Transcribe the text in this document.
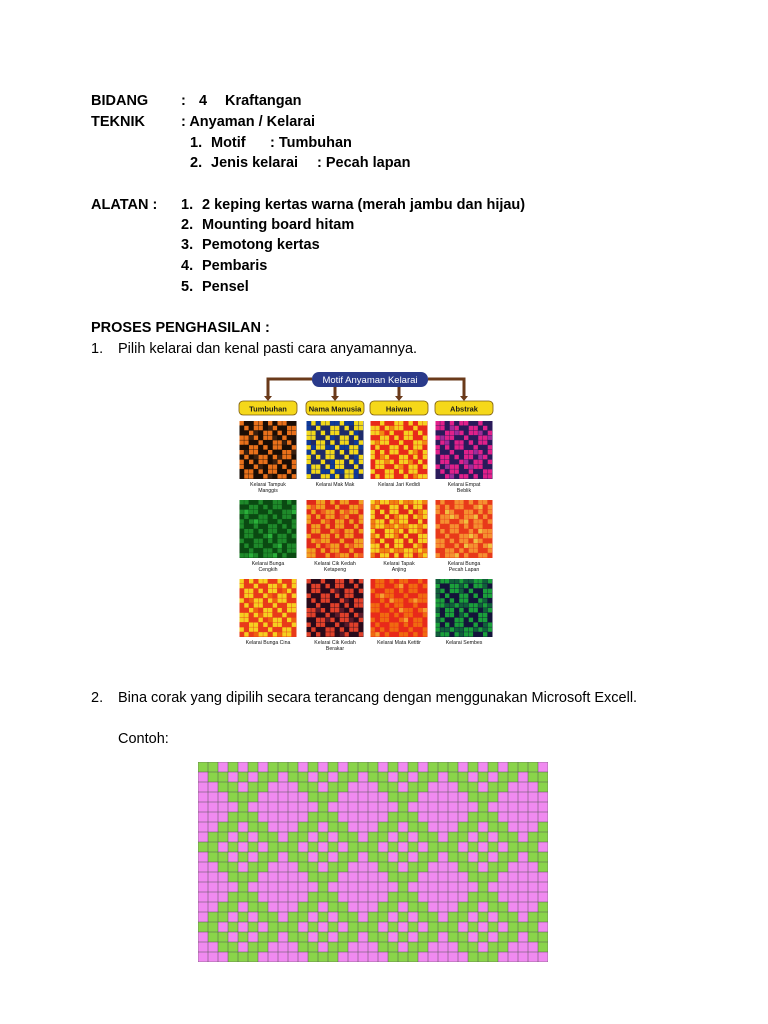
BIDANG : 4 Kraftangan
TEKNIK : Anyaman / Kelarai
1. Motif : Tumbuhan
2. Jenis kelarai : Pecah lapan
ALATAN : 1. 2 keping kertas warna (merah jambu dan hijau)
2. Mounting board hitam
3. Pemotong kertas
4. Pembaris
5. Pensel
PROSES PENGHASILAN :
1. Pilih kelarai dan kenal pasti cara anyamannya.
Motif Anyaman Kelarai
Tumbuhan	Nama Manusia	Haiwan	Abstrak
Kelarai Tampuk Manggis
Kelarai Mak Mak	Kelarai Jari Kedidi	Kelarai Empat Beblik
Kelarai Bunga Cengkih
Kelarai Cik Kedah Ketapeng
Kelarai Tapak Anjing
Kelarai Bunga Pecah Lapan
Kelarai Bunga Cina	Kelarai Cik Kedah Berakar
Kelarai Mata Ketitir	Kelarai Sembes
2. Bina corak yang dipilih secara terancang dengan menggunakan Microsoft Excell.
Contoh:
